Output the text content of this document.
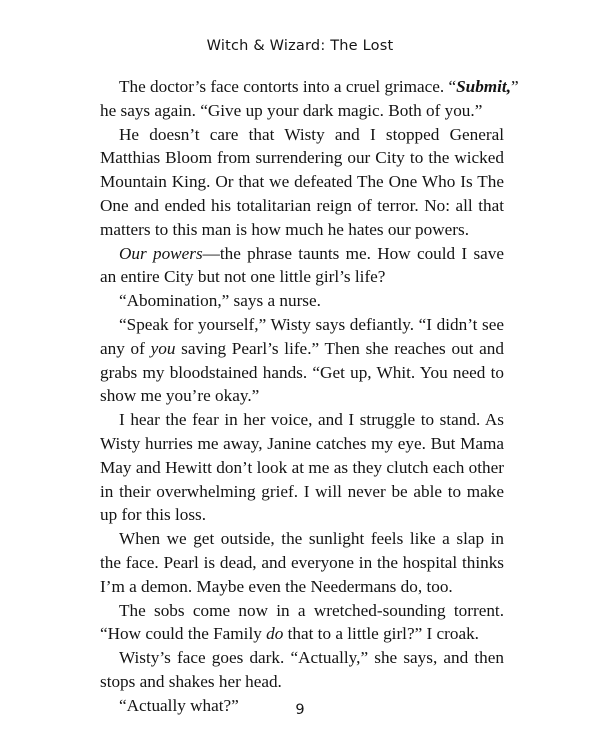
Witch & Wizard: The Lost

The doctor’s face contorts into a cruel grimace. “Submit,”
he says again. “Give up your dark magic. Both of you.”

He doesn’t care that Wisty and I stopped General
Matthias Bloom from surrendering our City to the wicked
Mountain King. Or that we defeated The One Who Is The
One and ended his totalitarian reign of terror. No: all that
matters to this man is how much he hates our powers.

Our powers—the phrase taunts me. How could I save
an entire City but not one little girl’s life?

“Abomination,” says a nurse.

“Speak for yourself,” Wisty says defiantly. “I didn’t see
any of you saving Pearl’s life.” Then she reaches out and
grabs my bloodstained hands. “Get up, Whit. You need to
show me you’re okay.”

I hear the fear in her voice, and I struggle to stand. As
Wisty hurries me away, Janine catches my eye. But Mama
May and Hewitt don’t look at me as they clutch each other
in their overwhelming grief. I will never be able to make
up for this loss.

When we get outside, the sunlight feels like a slap in
the face. Pearl is dead, and everyone in the hospital thinks
I’m a demon. Maybe even the Needermans do, too.

The sobs come now in a wretched-sounding torrent.
“How could the Family do that to a little girl?” I croak.

Wisty’s face goes dark. “Actually,” she says, and then
stops and shakes her head.

“Actually what?”	9
